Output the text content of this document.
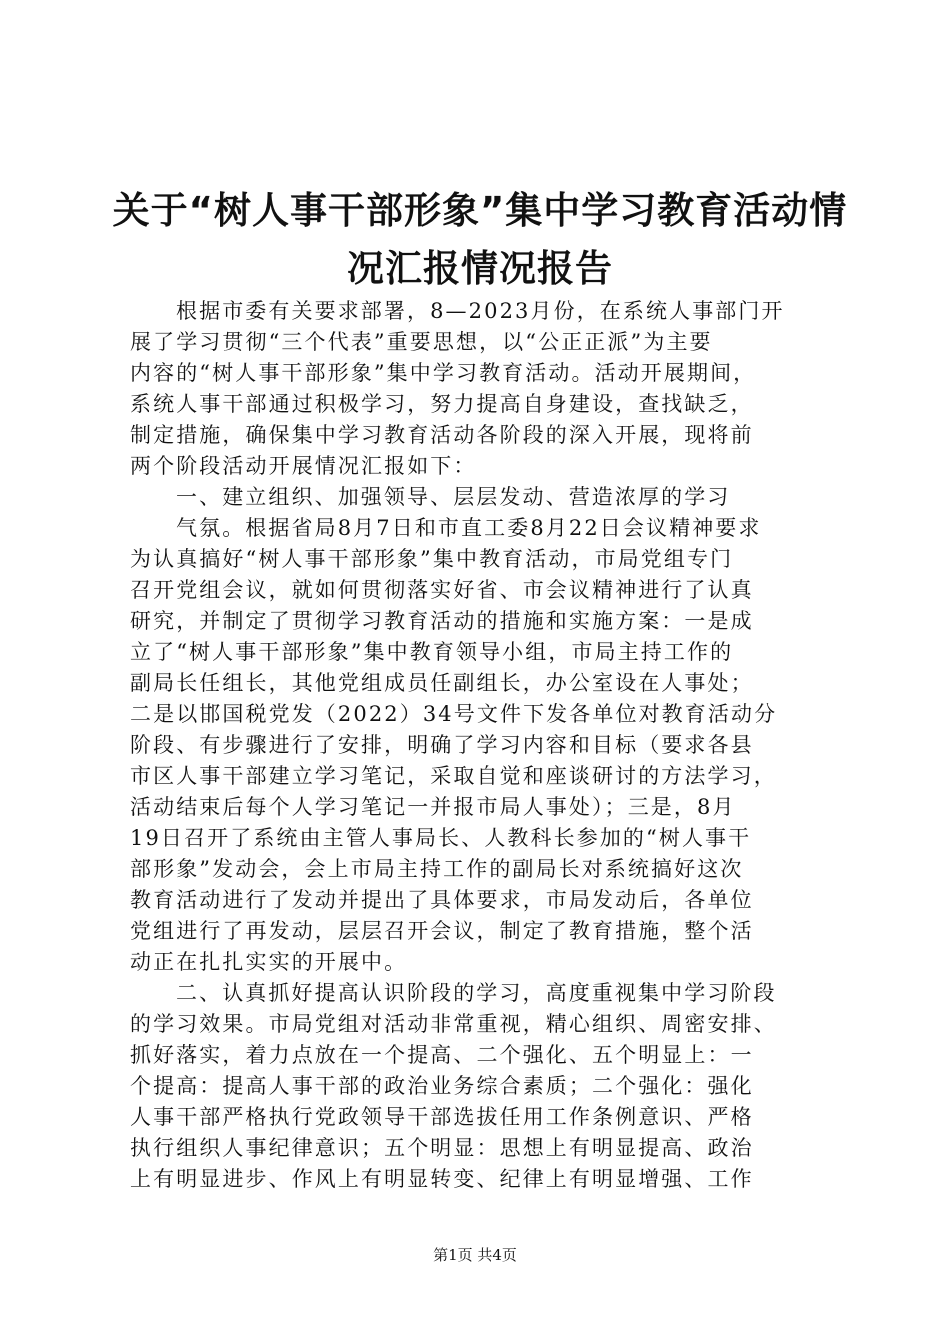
关于“树人事干部形象”集中学习教育活动情
况汇报情况报告
根据市委有关要求部署，8—2023月份，在系统人事部门开
展了学习贯彻“三个代表”重要思想，以“公正正派”为主要
内容的“树人事干部形象”集中学习教育活动。活动开展期间，
系统人事干部通过积极学习，努力提高自身建设，查找缺乏，
制定措施，确保集中学习教育活动各阶段的深入开展，现将前
两个阶段活动开展情况汇报如下：
一、建立组织、加强领导、层层发动、营造浓厚的学习
气氛。根据省局8月7日和市直工委8月22日会议精神要求
为认真搞好“树人事干部形象”集中教育活动，市局党组专门
召开党组会议，就如何贯彻落实好省、市会议精神进行了认真
研究，并制定了贯彻学习教育活动的措施和实施方案：一是成
立了“树人事干部形象”集中教育领导小组，市局主持工作的
副局长任组长，其他党组成员任副组长，办公室设在人事处；
二是以邯国税党发（2022）34号文件下发各单位对教育活动分
阶段、有步骤进行了安排，明确了学习内容和目标（要求各县
市区人事干部建立学习笔记，采取自觉和座谈研讨的方法学习，
活动结束后每个人学习笔记一并报市局人事处）；三是，8月
19日召开了系统由主管人事局长、人教科长参加的“树人事干
部形象”发动会，会上市局主持工作的副局长对系统搞好这次
教育活动进行了发动并提出了具体要求，市局发动后，各单位
党组进行了再发动，层层召开会议，制定了教育措施，整个活
动正在扎扎实实的开展中。
二、认真抓好提高认识阶段的学习，高度重视集中学习阶段
的学习效果。市局党组对活动非常重视，精心组织、周密安排、
抓好落实，着力点放在一个提高、二个强化、五个明显上：一
个提高：提高人事干部的政治业务综合素质；二个强化：强化
人事干部严格执行党政领导干部选拔任用工作条例意识、严格
执行组织人事纪律意识；五个明显：思想上有明显提高、政治
上有明显进步、作风上有明显转变、纪律上有明显增强、工作
第1页 共4页
